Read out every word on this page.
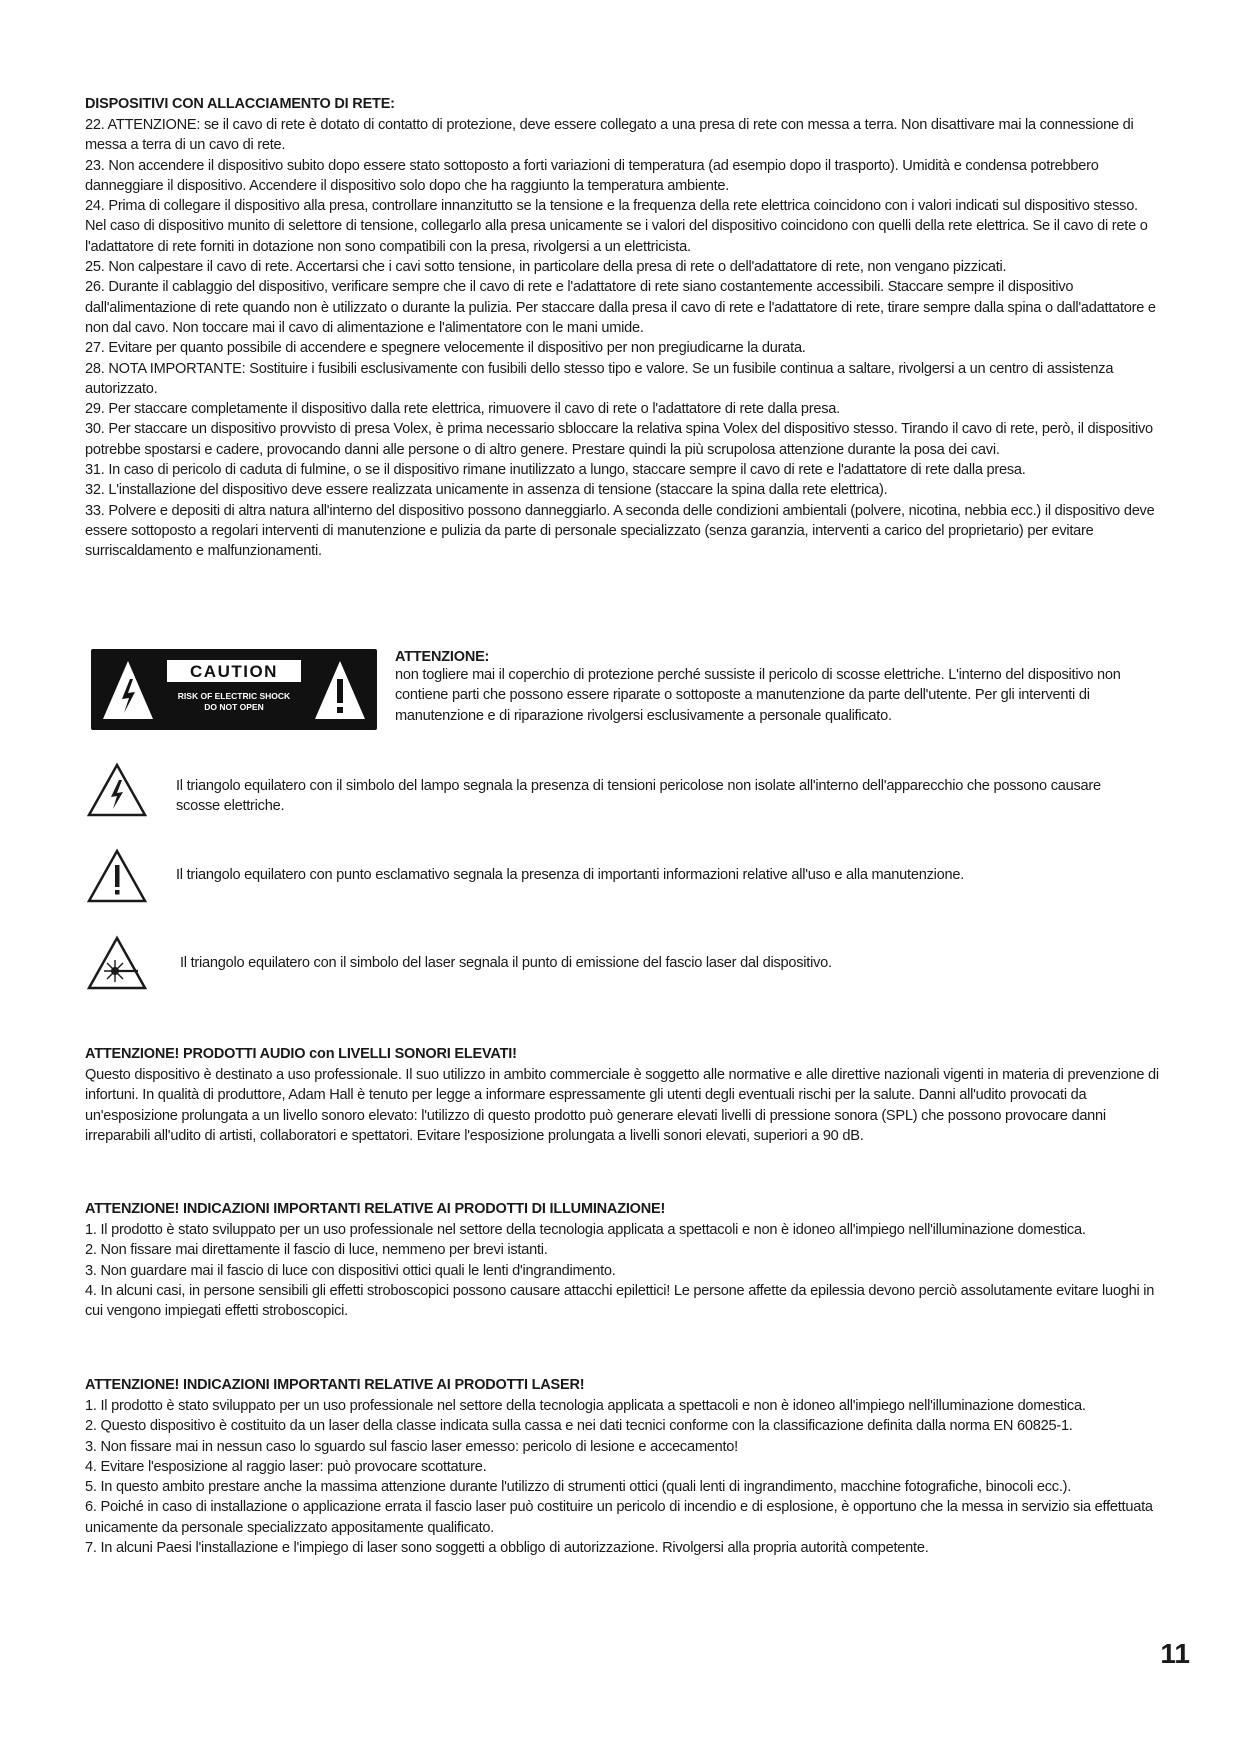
DISPOSITIVI CON ALLACCIAMENTO DI RETE:

22. ATTENZIONE: se il cavo di rete è dotato di contatto di protezione, deve essere collegato a una presa di rete con messa a terra. Non disattivare mai la connessione di messa a terra di un cavo di rete.

23. Non accendere il dispositivo subito dopo essere stato sottoposto a forti variazioni di temperatura (ad esempio dopo il trasporto). Umidità e condensa potrebbero danneggiare il dispositivo. Accendere il dispositivo solo dopo che ha raggiunto la temperatura ambiente.

24. Prima di collegare il dispositivo alla presa, controllare innanzitutto se la tensione e la frequenza della rete elettrica coincidono con i valori indicati sul dispositivo stesso. Nel caso di dispositivo munito di selettore di tensione, collegarlo alla presa unicamente se i valori del dispositivo coincidono con quelli della rete elettrica. Se il cavo di rete o l'adattatore di rete forniti in dotazione non sono compatibili con la presa, rivolgersi a un elettricista.

25. Non calpestare il cavo di rete. Accertarsi che i cavi sotto tensione, in particolare della presa di rete o dell'adattatore di rete, non vengano pizzicati.

26. Durante il cablaggio del dispositivo, verificare sempre che il cavo di rete e l'adattatore di rete siano costantemente accessibili. Staccare sempre il dispositivo dall'alimentazione di rete quando non è utilizzato o durante la pulizia. Per staccare dalla presa il cavo di rete e l'adattatore di rete, tirare sempre dalla spina o dall'adattatore e non dal cavo. Non toccare mai il cavo di alimentazione e l'alimentatore con le mani umide.

27. Evitare per quanto possibile di accendere e spegnere velocemente il dispositivo per non pregiudicarne la durata.

28. NOTA IMPORTANTE: Sostituire i fusibili esclusivamente con fusibili dello stesso tipo e valore. Se un fusibile continua a saltare, rivolgersi a un centro di assistenza autorizzato.

29. Per staccare completamente il dispositivo dalla rete elettrica, rimuovere il cavo di rete o l'adattatore di rete dalla presa.

30. Per staccare un dispositivo provvisto di presa Volex, è prima necessario sbloccare la relativa spina Volex del dispositivo stesso. Tirando il cavo di rete, però, il dispositivo potrebbe spostarsi e cadere, provocando danni alle persone o di altro genere. Prestare quindi la più scrupolosa attenzione durante la posa dei cavi.

31. In caso di pericolo di caduta di fulmine, o se il dispositivo rimane inutilizzato a lungo, staccare sempre il cavo di rete e l'adattatore di rete dalla presa.

32. L'installazione del dispositivo deve essere realizzata unicamente in assenza di tensione (staccare la spina dalla rete elettrica).

33. Polvere e depositi di altra natura all'interno del dispositivo possono danneggiarlo. A seconda delle condizioni ambientali (polvere, nicotina, nebbia ecc.) il dispositivo deve essere sottoposto a regolari interventi di manutenzione e pulizia da parte di personale specializzato (senza garanzia, interventi a carico del proprietario) per evitare surriscaldamento e malfunzionamenti.

CAUTION
RISK OF ELECTRIC SHOCK
DO NOT OPEN
ATTENZIONE:

non togliere mai il coperchio di protezione perché sussiste il pericolo di scosse elettriche. L'interno del dispositivo non contiene parti che possono essere riparate o sottoposte a manutenzione da parte dell'utente. Per gli interventi di manutenzione e di riparazione rivolgersi esclusivamente a personale qualificato.

Il triangolo equilatero con il simbolo del lampo segnala la presenza di tensioni pericolose non isolate all'interno dell'apparecchio che possono causare scosse elettriche.

Il triangolo equilatero con punto esclamativo segnala la presenza di importanti informazioni relative all'uso e alla manutenzione.

Il triangolo equilatero con il simbolo del laser segnala il punto di emissione del fascio laser dal dispositivo.

ATTENZIONE! PRODOTTI AUDIO con LIVELLI SONORI ELEVATI!

Questo dispositivo è destinato a uso professionale. Il suo utilizzo in ambito commerciale è soggetto alle normative e alle direttive nazionali vigenti in materia di prevenzione di infortuni. In qualità di produttore, Adam Hall è tenuto per legge a informare espressamente gli utenti degli eventuali rischi per la salute. Danni all'udito provocati da un'esposizione prolungata a un livello sonoro elevato: l'utilizzo di questo prodotto può generare elevati livelli di pressione sonora (SPL) che possono provocare danni irreparabili all'udito di artisti, collaboratori e spettatori. Evitare l'esposizione prolungata a livelli sonori elevati, superiori a 90 dB.

ATTENZIONE! INDICAZIONI IMPORTANTI RELATIVE AI PRODOTTI DI ILLUMINAZIONE!

1. Il prodotto è stato sviluppato per un uso professionale nel settore della tecnologia applicata a spettacoli e non è idoneo all'impiego nell'illuminazione domestica.

2. Non fissare mai direttamente il fascio di luce, nemmeno per brevi istanti.

3. Non guardare mai il fascio di luce con dispositivi ottici quali le lenti d'ingrandimento.

4. In alcuni casi, in persone sensibili gli effetti stroboscopici possono causare attacchi epilettici! Le persone affette da epilessia devono perciò assolutamente evitare luoghi in cui vengono impiegati effetti stroboscopici.

ATTENZIONE! INDICAZIONI IMPORTANTI RELATIVE AI PRODOTTI LASER!

1. Il prodotto è stato sviluppato per un uso professionale nel settore della tecnologia applicata a spettacoli e non è idoneo all'impiego nell'illuminazione domestica.

2. Questo dispositivo è costituito da un laser della classe indicata sulla cassa e nei dati tecnici conforme con la classificazione definita dalla norma EN 60825-1.

3. Non fissare mai in nessun caso lo sguardo sul fascio laser emesso: pericolo di lesione e accecamento!

4. Evitare l'esposizione al raggio laser: può provocare scottature.

5. In questo ambito prestare anche la massima attenzione durante l'utilizzo di strumenti ottici (quali lenti di ingrandimento, macchine fotografiche, binocoli ecc.).

6. Poiché in caso di installazione o applicazione errata il fascio laser può costituire un pericolo di incendio e di esplosione, è opportuno che la messa in servizio sia effettuata unicamente da personale specializzato appositamente qualificato.

7. In alcuni Paesi l'installazione e l'impiego di laser sono soggetti a obbligo di autorizzazione. Rivolgersi alla propria autorità competente.

11
